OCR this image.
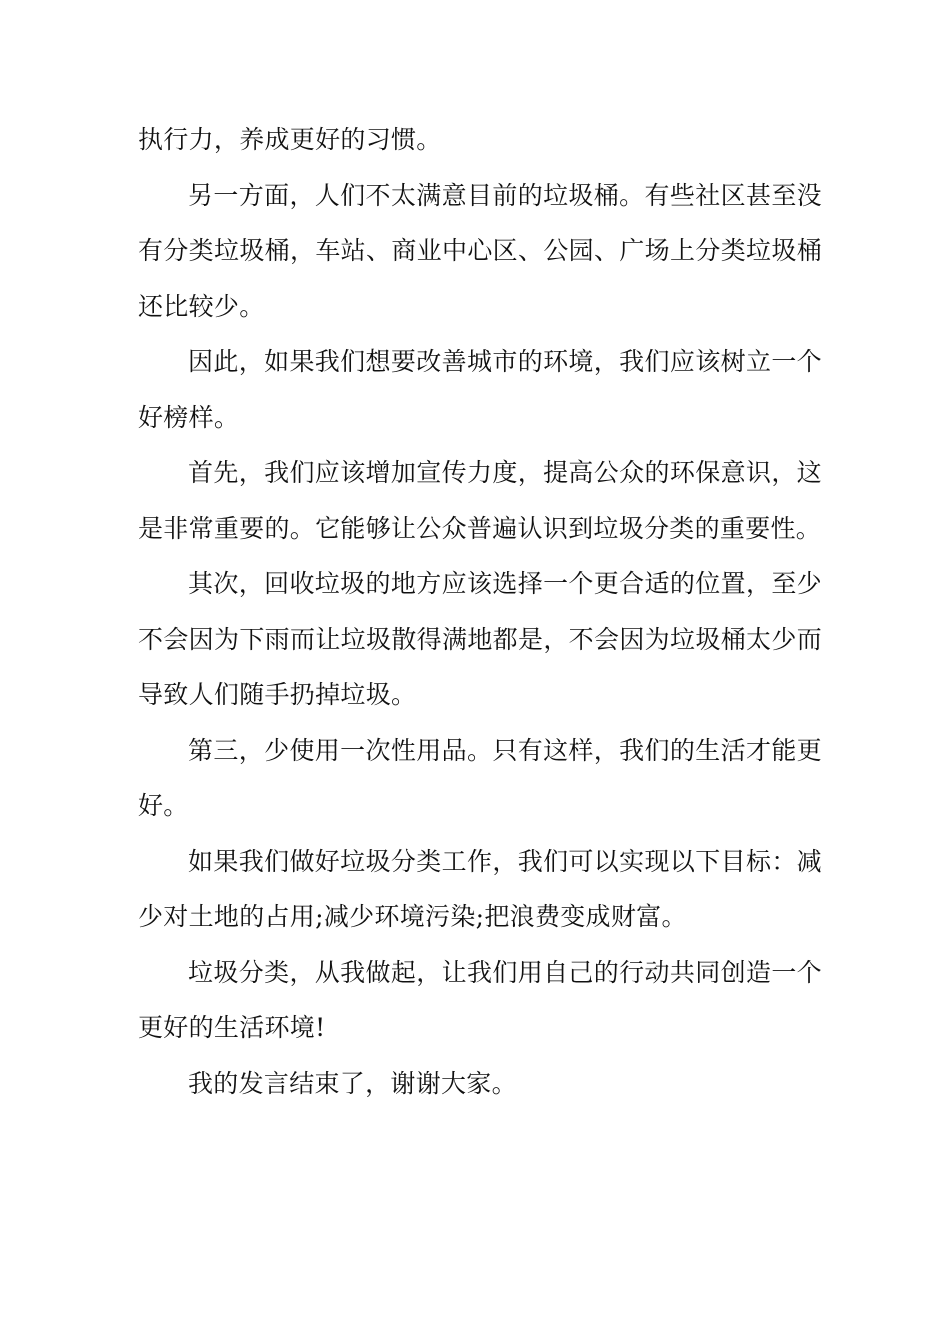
执行力，养成更好的习惯。

另一方面，人们不太满意目前的垃圾桶。有些社区甚至没有分类垃圾桶，车站、商业中心区、公园、广场上分类垃圾桶还比较少。

因此，如果我们想要改善城市的环境，我们应该树立一个好榜样。

首先，我们应该增加宣传力度，提高公众的环保意识，这是非常重要的。它能够让公众普遍认识到垃圾分类的重要性。

其次，回收垃圾的地方应该选择一个更合适的位置，至少不会因为下雨而让垃圾散得满地都是，不会因为垃圾桶太少而导致人们随手扔掉垃圾。

第三，少使用一次性用品。只有这样，我们的生活才能更好。

如果我们做好垃圾分类工作，我们可以实现以下目标：减少对土地的占用;减少环境污染;把浪费变成财富。

垃圾分类，从我做起，让我们用自己的行动共同创造一个更好的生活环境!

我的发言结束了，谢谢大家。
